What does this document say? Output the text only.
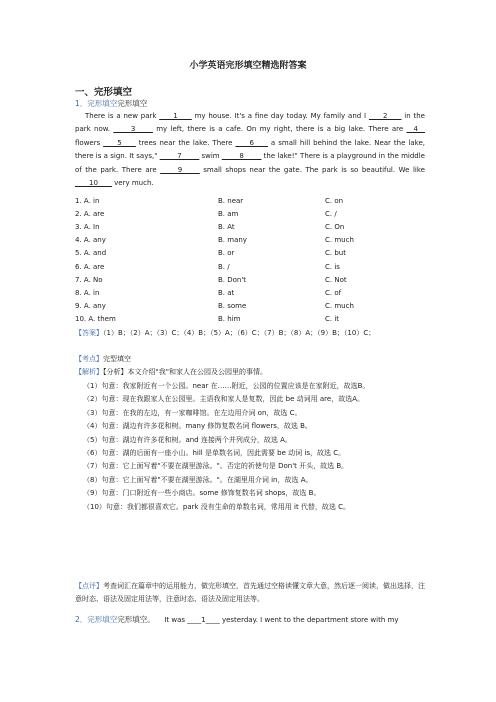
小学英语完形填空精选附答案
一、完形填空
1．完形填空完形填空
There is a new park ____1____ my house. It's a fine day today. My family and I ____2____ in the park now. _____3_____ my left, there is a cafe. On my right, there is a big lake. There are __4__ flowers ____5____ trees near the lake. There ____6____ a small hill behind the lake. Near the lake, there is a sign. It says," _____7_____ swim _____8_____ the lake!" There is a playground in the middle of the park. There are _____9_____ small shops near the gate. The park is so beautiful. We like ____10____ very much.
1. A. in	B. near	C. on
2. A. are	B. am	C. /
3. A. In	B. At	C. On
4. A. any	B. many	C. much
5. A. and	B. or	C. but
6. A. are	B. /	C. is
7. A. No	B. Don't	C. Not
8. A. in	B. at	C. of
9. A. any	B. some	C. much
10. A. them	B. him	C. it
【答案】（1）B；（2）A；（3）C；（4）B；（5）A；（6）C；（7）B；（8）A；（9）B；（10）C；
【考点】完型填空
【解析】【分析】本文介绍"我"和家人在公园及公园里的事情。
（1）句意：我家附近有一个公园。near 在……附近，公园的位置应该是在家附近，故选B。
（2）句意：现在我跟家人在公园里。主语我和家人是复数，因此 be 动词用 are，故选A。
（3）句意：在我的左边，有一家咖啡馆。在左边用介词 on，故选 C。
（4）句意：湖边有许多花和树。many 修饰复数名词 flowers，故选 B。
（5）句意：湖边有许多花和树。and 连接两个并列成分，故选 A。
（6）句意：湖的后面有一座小山。hill 是单数名词，因此需要 be 动词 is，故选 C。
（7）句意：它上面写着"不要在湖里游泳。"。否定的祈使句是 Don't 开头，故选 B。
（8）句意：它上面写着"不要在湖里游泳。"。在湖里用介词 in，故选 A。
（9）句意：门口附近有一些小商店。some 修饰复数名词 shops，故选 B。
（10）句意：我们都很喜欢它。park 没有生命的单数名词，常用用 it 代替，故选 C。
【点评】考查词汇在篇章中的运用能力，做完形填空，首先通过空格读懂文章大意，然后逐一阅读，做出选择，注意时态、语法及固定用法等，注意时态、语法及固定用法等。
2．完形填空完形填空。 It was ____1____ yesterday. I went to the department store with my
